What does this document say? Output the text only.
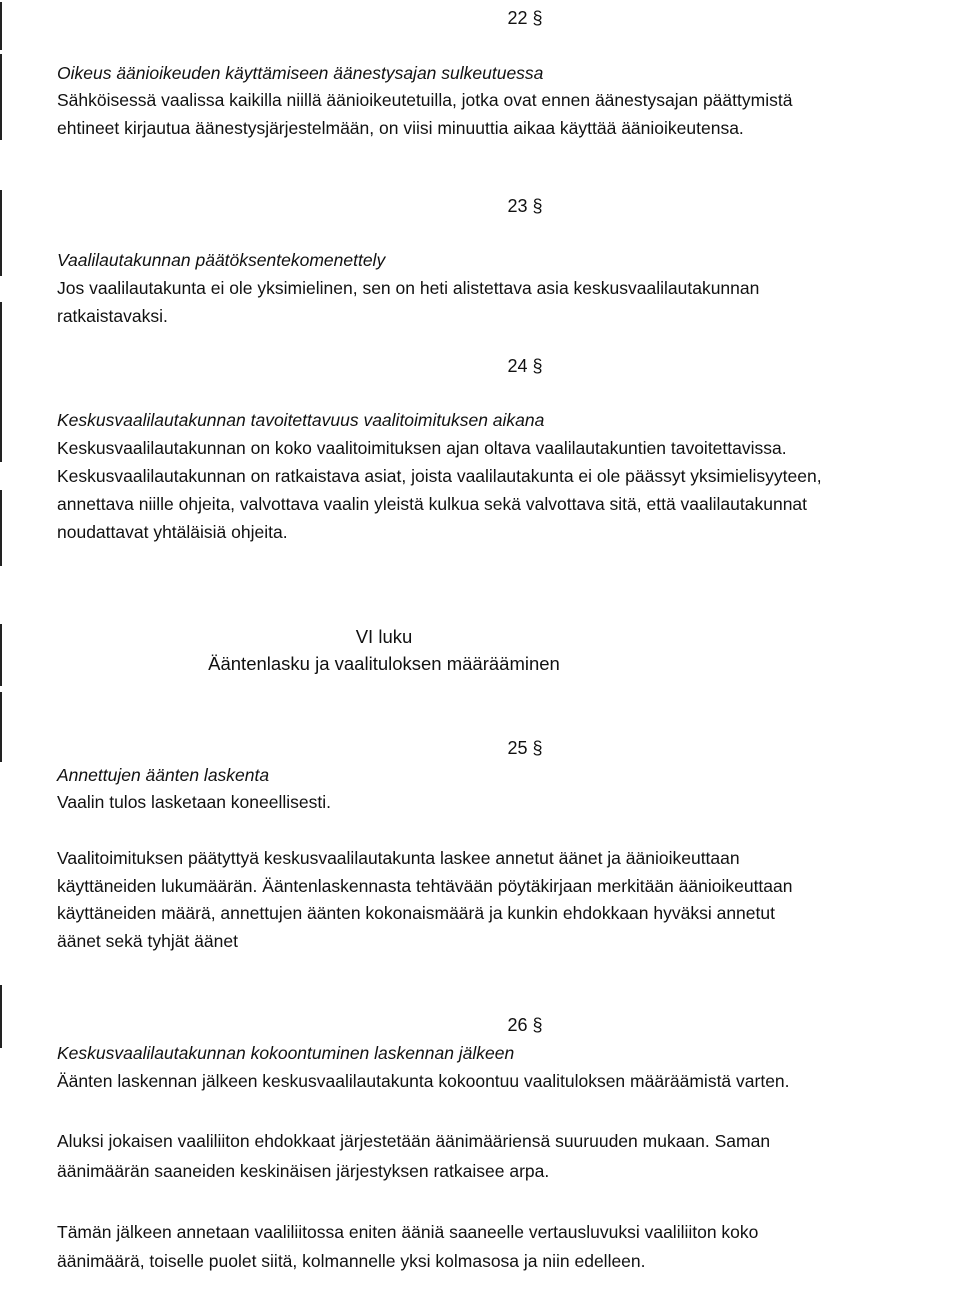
22 §
Oikeus äänioikeuden käyttämiseen äänestysajan sulkeutuessa
Sähköisessä vaalissa kaikilla niillä äänioikeutetuilla, jotka ovat ennen äänestysajan päättymistä
ehtineet kirjautua äänestysjärjestelmään, on viisi minuuttia aikaa käyttää äänioikeutensa.
23 §
Vaalilautakunnan päätöksentekomenettely
Jos vaalilautakunta ei ole yksimielinen, sen on heti alistettava asia keskusvaalilautakunnan
ratkaistavaksi.
24 §
Keskusvaalilautakunnan tavoitettavuus vaalitoimituksen aikana
Keskusvaalilautakunnan on koko vaalitoimituksen ajan oltava vaalilautakuntien tavoitettavissa.
Keskusvaalilautakunnan on ratkaistava asiat, joista vaalilautakunta ei ole päässyt yksimielisyyteen,
annettava niille ohjeita, valvottava vaalin yleistä kulkua sekä valvottava sitä, että vaalilautakunnat
noudattavat yhtäläisiä ohjeita.
VI luku
Ääntenlasku ja vaalituloksen määrääminen
25 §
Annettujen äänten laskenta
Vaalin tulos lasketaan koneellisesti.
Vaalitoimituksen päätyttyä keskusvaalilautakunta laskee annetut äänet ja äänioikeuttaan
käyttäneiden lukumäärän. Ääntenlaskennasta tehtävään pöytäkirjaan merkitään äänioikeuttaan
käyttäneiden määrä, annettujen äänten kokonaismäärä ja kunkin ehdokkaan hyväksi annetut
äänet sekä tyhjät äänet
26 §
Keskusvaalilautakunnan kokoontuminen laskennan jälkeen
Äänten laskennan jälkeen keskusvaalilautakunta kokoontuu vaalituloksen määräämistä varten.
Aluksi jokaisen vaaliliiton ehdokkaat järjestetään äänimääriensä suuruuden mukaan. Saman
äänimäärän saaneiden keskinäisen järjestyksen ratkaisee arpa.
Tämän jälkeen annetaan vaaliliitossa eniten ääniä saaneelle vertausluvuksi vaaliliiton koko
äänimäärä, toiselle puolet siitä, kolmannelle yksi kolmasosa ja niin edelleen.
